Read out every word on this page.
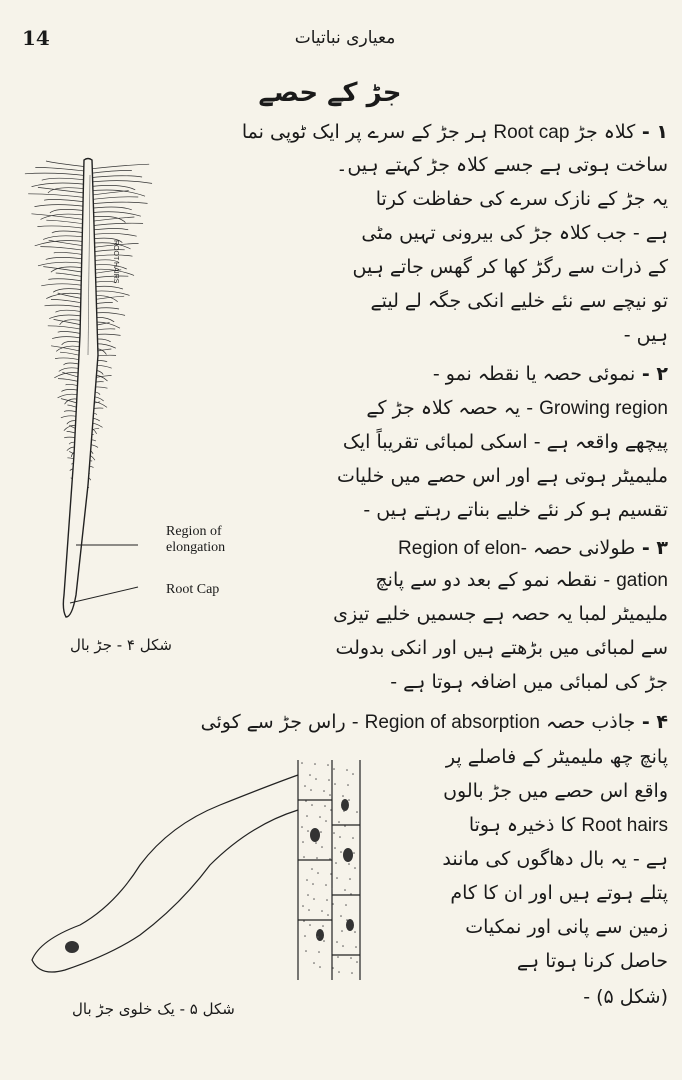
14	معیاری نباتیات
جڑ کے حصے
ROOT HAIRS
Region of elongation
Root Cap
شکل ۴ - جڑ بال
شکل ۵ - یک خلوی جڑ بال
۱ - کلاہ جڑ Root cap ہر جڑ کے سرے پر ایک ٹوپی نما
ساخت ہوتی ہے جسے کلاہ جڑ کہتے ہیں۔
یہ جڑ کے نازک سرے کی حفاظت کرتا
ہے - جب کلاہ جڑ کی بیرونی تہیں مٹی
کے ذرات سے رگڑ کھا کر گھس جاتے ہیں
تو نیچے سے نئے خلیے انکی جگہ لے لیتے
ہیں -
۲ - نموئی حصہ یا نقطہ نمو -
Growing region - یہ حصہ کلاہ جڑ کے
پیچھے واقعہ ہے - اسکی لمبائی تقریباً ایک
ملیمیٹر ہوتی ہے اور اس حصے میں خلیات
تقسیم ہو کر نئے خلیے بناتے رہتے ہیں -
۳ - طولانی حصہ Region of elon-
gation - نقطہ نمو کے بعد دو سے پانچ
ملیمیٹر لمبا یہ حصہ ہے جسمیں خلیے تیزی
سے لمبائی میں بڑھتے ہیں اور انکی بدولت
جڑ کی لمبائی میں اضافہ ہوتا ہے -
۴ - جاذب حصہ Region of absorption - راس جڑ سے کوئی
پانچ چھ ملیمیٹر کے فاصلے پر
واقع اس حصے میں جڑ بالوں
Root hairs کا ذخیرہ ہوتا
ہے - یہ بال دھاگوں کی مانند
پتلے ہوتے ہیں اور ان کا کام
زمین سے پانی اور نمکیات
حاصل کرنا ہوتا ہے
(شکل ۵) -
